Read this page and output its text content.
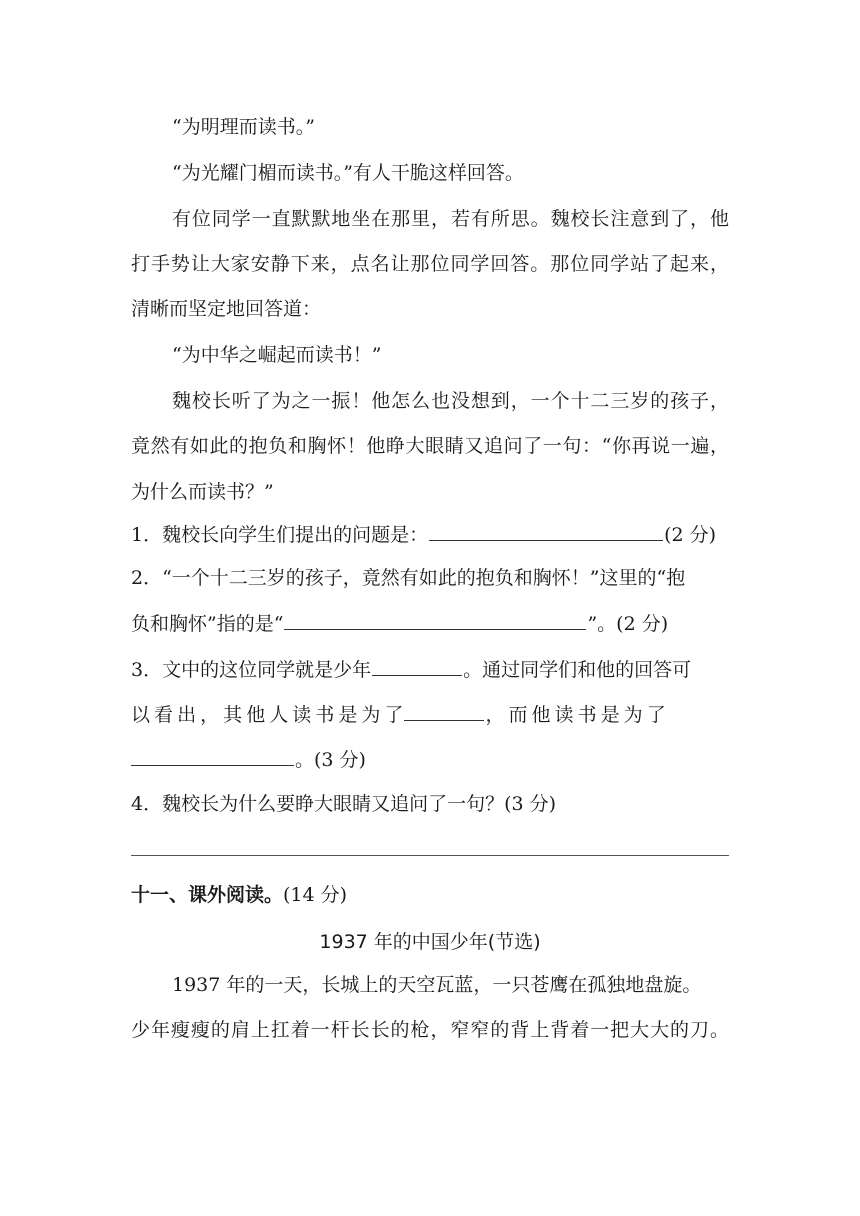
“为明理而读书。”
“为光耀门楣而读书。”有人干脆这样回答。
有位同学一直默默地坐在那里，若有所思。魏校长注意到了，他
打手势让大家安静下来，点名让那位同学回答。那位同学站了起来，
清晰而坚定地回答道：
“为中华之崛起而读书！”
魏校长听了为之一振！他怎么也没想到，一个十二三岁的孩子，
竟然有如此的抱负和胸怀！他睁大眼睛又追问了一句：“你再说一遍，
为什么而读书？”
1．魏校长向学生们提出的问题是：	(2 分)
2．“一个十二三岁的孩子，竟然有如此的抱负和胸怀！”这里的“抱
负和胸怀”指的是“	”。(2 分)
3．文中的这位同学就是少年	。通过同学们和他的回答可
以 看 出 ， 其 他 人 读 书 是 为 了	， 而 他 读 书 是 为 了
。(3 分)
4．魏校长为什么要睁大眼睛又追问了一句？(3 分)
十一、课外阅读。(14 分)
1937 年的中国少年(节选)
1937 年的一天，长城上的天空瓦蓝，一只苍鹰在孤独地盘旋。
少年瘦瘦的肩上扛着一杆长长的枪，窄窄的背上背着一把大大的刀。
